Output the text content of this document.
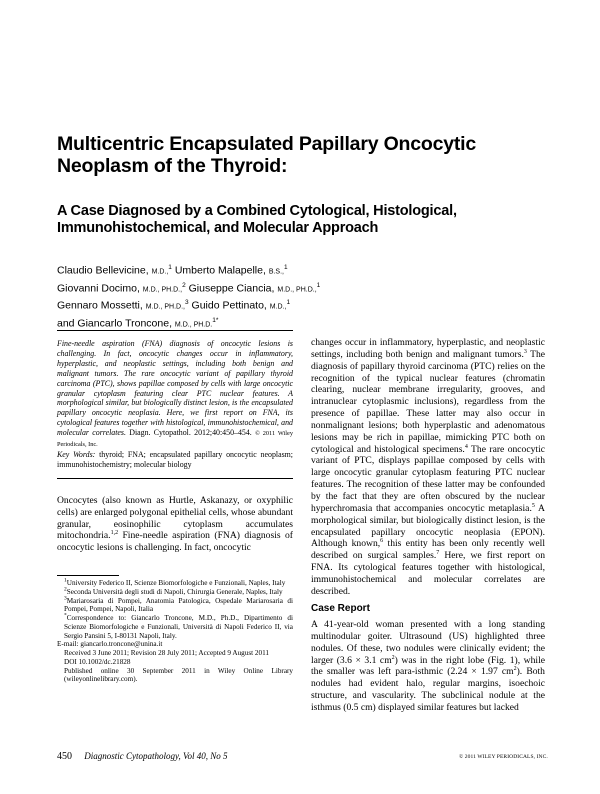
Multicentric Encapsulated Papillary Oncocytic Neoplasm of the Thyroid:
A Case Diagnosed by a Combined Cytological, Histological, Immunohistochemical, and Molecular Approach
Claudio Bellevicine, M.D.,$^1$ Umberto Malapelle, B.S.,$^1$
Giovanni Docimo, M.D., PH.D.,$^2$ Giuseppe Ciancia, M.D., PH.D.,$^1$
Gennaro Mossetti, M.D., PH.D.,$^3$ Guido Pettinato, M.D.,$^1$
and Giancarlo Troncone, M.D., PH.D.$^{1*}$

Fine-needle aspiration (FNA) diagnosis of oncocytic lesions is challenging. In fact, oncocytic changes occur in inflammatory, hyperplastic, and neoplastic settings, including both benign and malignant tumors. The rare oncocytic variant of papillary thyroid carcinoma (PTC), shows papillae composed by cells with large oncocytic granular cytoplasm featuring clear PTC nuclear features. A morphological similar, but biologically distinct lesion, is the encapsulated papillary oncocytic neoplasia. Here, we first report on FNA, its cytological features together with histological, immunohistochemical, and molecular correlates. Diagn. Cytopathol. 2012;40:450–454. © 2011 Wiley Periodicals, Inc.

Key Words: thyroid; FNA; encapsulated papillary oncocytic neoplasm; immunohistochemistry; molecular biology

Oncocytes (also known as Hurtle, Askanazy, or oxyphilic cells) are enlarged polygonal epithelial cells, whose abundant granular, eosinophilic cytoplasm accumulates mitochondria.$^{1,2}$ Fine-needle aspiration (FNA) diagnosis of oncocytic lesions is challenging. In fact, oncocytic

$^1$University Federico II, Scienze Biomorfologiche e Funzionali, Naples, Italy

$^2$Seconda Università degli studi di Napoli, Chirurgia Generale, Naples, Italy

$^3$Mariarosaria di Pompei, Anatomia Patologica, Ospedale Mariarosaria di Pompei, Pompei, Napoli, Italia

*Correspondence to: Giancarlo Troncone, M.D., Ph.D., Dipartimento di Scienze Biomorfologiche e Funzionali, Università di Napoli Federico II, via Sergio Pansini 5, I-80131 Napoli, Italy.

E-mail: giancarlo.troncone@unina.it

Received 3 June 2011; Revision 28 July 2011; Accepted 9 August 2011

DOI 10.1002/dc.21828

Published online 30 September 2011 in Wiley Online Library (wileyonlinelibrary.com).

changes occur in inflammatory, hyperplastic, and neoplastic settings, including both benign and malignant tumors.$^3$ The diagnosis of papillary thyroid carcinoma (PTC) relies on the recognition of the typical nuclear features (chromatin clearing, nuclear membrane irregularity, grooves, and intranuclear cytoplasmic inclusions), regardless from the presence of papillae. These latter may also occur in nonmalignant lesions; both hyperplastic and adenomatous lesions may be rich in papillae, mimicking PTC both on cytological and histological specimens.$^4$ The rare oncocytic variant of PTC, displays papillae composed by cells with large oncocytic granular cytoplasm featuring PTC nuclear features. The recognition of these latter may be confounded by the fact that they are often obscured by the nuclear hyperchromasia that accompanies oncocytic metaplasia.$^5$ A morphological similar, but biologically distinct lesion, is the encapsulated papillary oncocytic neoplasia (EPON). Although known,$^6$ this entity has been only recently well described on surgical samples.$^7$ Here, we first report on FNA. Its cytological features together with histological, immunohistochemical and molecular correlates are described.

Case Report

A 41-year-old woman presented with a long standing multinodular goiter. Ultrasound (US) highlighted three nodules. Of these, two nodules were clinically evident; the larger (3.6 × 3.1 $cm^2$) was in the right lobe (Fig. 1), while the smaller was left para-isthmic (2.24 × 1.97 $cm^2$). Both nodules had evident halo, regular margins, isoechoic structure, and vascularity. The subclinical nodule at the isthmus (0.5 cm) displayed similar features but lacked

450 Diagnostic Cytopathology, Vol 40, No 5	© 2011 WILEY PERIODICALS, INC.
